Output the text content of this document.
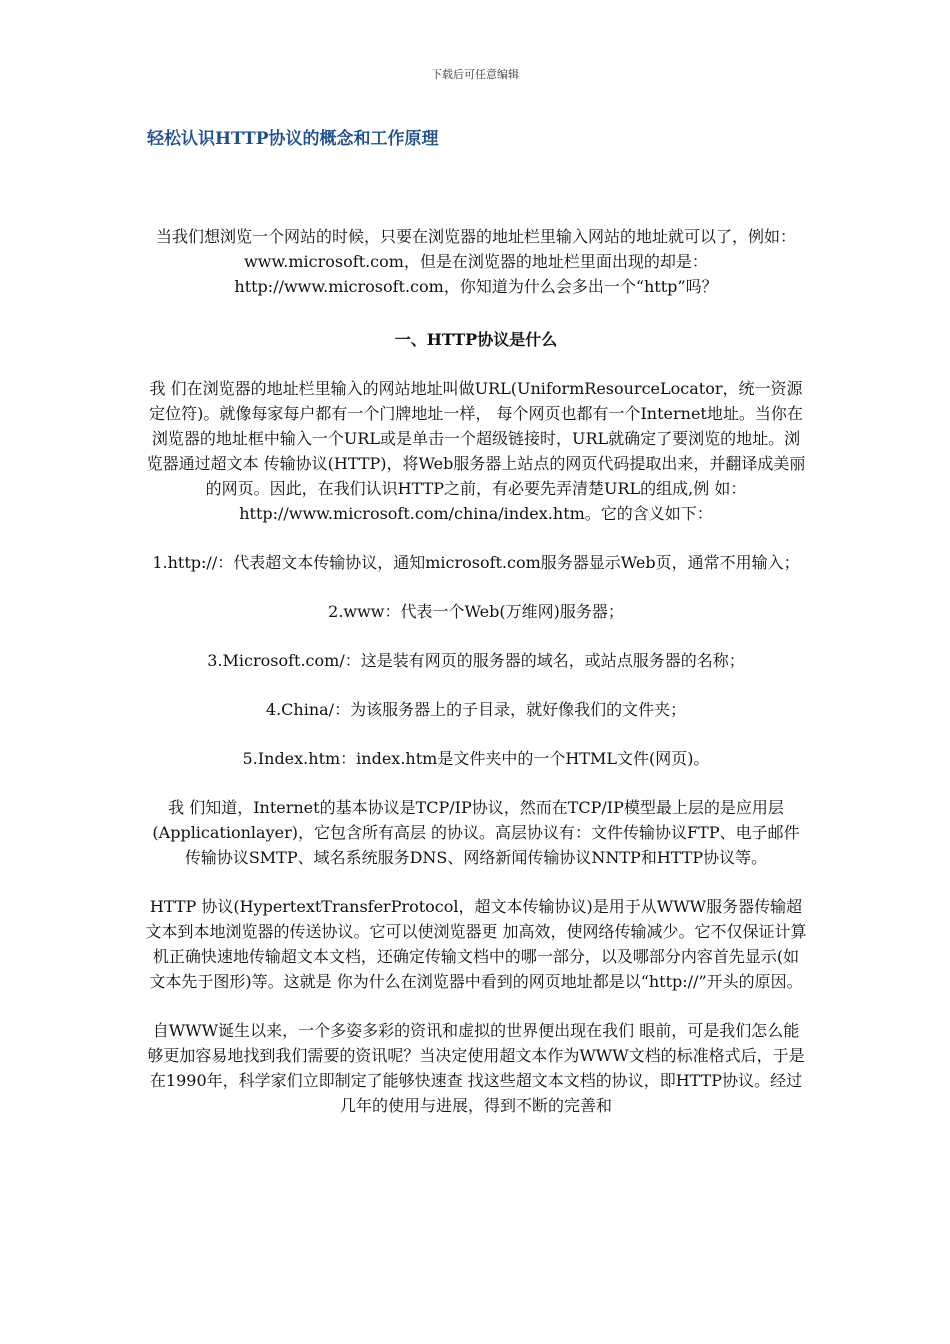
下载后可任意编辑
轻松认识HTTP协议的概念和工作原理

当我们想浏览一个网站的时候，只要在浏览器的地址栏里输入网站的地址就可以了，例如：www.microsoft.com，但是在浏览器的地址栏里面出现的却是：http://www.microsoft.com，你知道为什么会多出一个“http”吗？

一、HTTP协议是什么

我 们在浏览器的地址栏里输入的网站地址叫做URL(UniformResourceLocator，统一资源定位符)。就像每家每户都有一个门牌地址一样， 每个网页也都有一个Internet地址。当你在浏览器的地址框中输入一个URL或是单击一个超级链接时，URL就确定了要浏览的地址。浏览器通过超文本 传输协议(HTTP)，将Web服务器上站点的网页代码提取出来，并翻译成美丽的网页。因此，在我们认识HTTP之前，有必要先弄清楚URL的组成,例 如：http://www.microsoft.com/china/index.htm。它的含义如下：

1.http://：代表超文本传输协议，通知microsoft.com服务器显示Web页，通常不用输入；

2.www：代表一个Web(万维网)服务器；

3.Microsoft.com/：这是装有网页的服务器的域名，或站点服务器的名称；

4.China/：为该服务器上的子目录，就好像我们的文件夹；

5.Index.htm：index.htm是文件夹中的一个HTML文件(网页)。

我 们知道，Internet的基本协议是TCP/IP协议，然而在TCP/IP模型最上层的是应用层(Applicationlayer)，它包含所有高层 的协议。高层协议有：文件传输协议FTP、电子邮件传输协议SMTP、域名系统服务DNS、网络新闻传输协议NNTP和HTTP协议等。

HTTP 协议(HypertextTransferProtocol，超文本传输协议)是用于从WWW服务器传输超文本到本地浏览器的传送协议。它可以使浏览器更 加高效，使网络传输减少。它不仅保证计算机正确快速地传输超文本文档，还确定传输文档中的哪一部分，以及哪部分内容首先显示(如文本先于图形)等。这就是 你为什么在浏览器中看到的网页地址都是以“http://”开头的原因。

自WWW诞生以来，一个多姿多彩的资讯和虚拟的世界便出现在我们 眼前，可是我们怎么能够更加容易地找到我们需要的资讯呢？当决定使用超文本作为WWW文档的标准格式后，于是在1990年，科学家们立即制定了能够快速查 找这些超文本文档的协议，即HTTP协议。经过几年的使用与进展，得到不断的完善和
